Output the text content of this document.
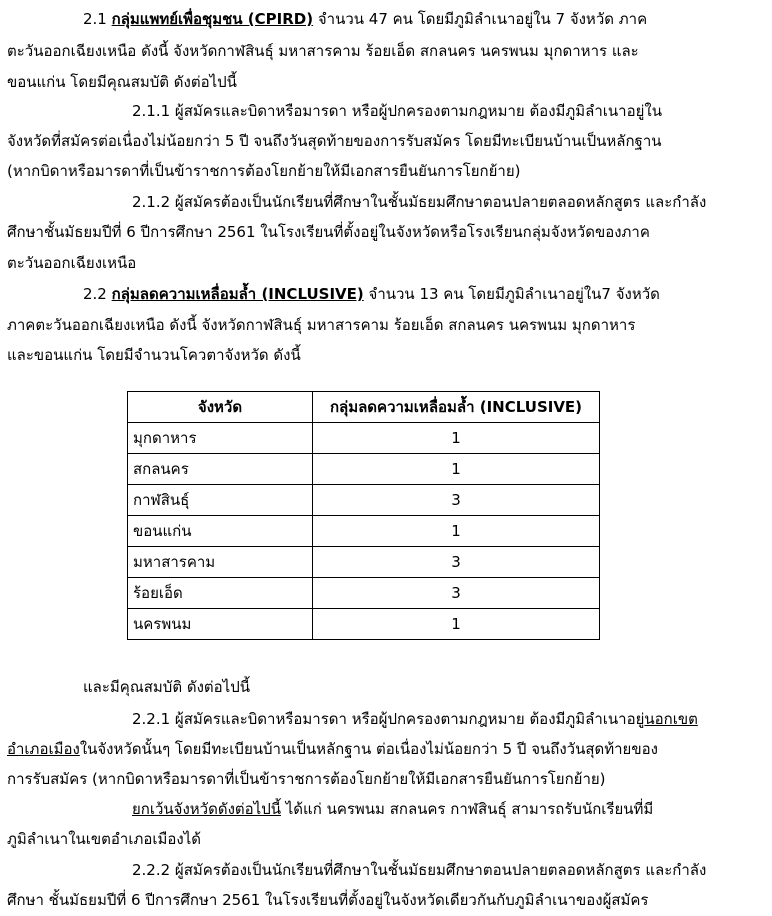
2.1 กลุ่มแพทย์เพื่อชุมชน (CPIRD) จำนวน 47 คน โดยมีภูมิลำเนาอยู่ใน 7 จังหวัด ภาค
ตะวันออกเฉียงเหนือ ดังนี้ จังหวัดกาฬสินธุ์ มหาสารคาม ร้อยเอ็ด สกลนคร นครพนม มุกดาหาร และ
ขอนแก่น โดยมีคุณสมบัติ ดังต่อไปนี้
2.1.1 ผู้สมัครและบิดาหรือมารดา หรือผู้ปกครองตามกฎหมาย ต้องมีภูมิลำเนาอยู่ใน
จังหวัดที่สมัครต่อเนื่องไม่น้อยกว่า 5 ปี จนถึงวันสุดท้ายของการรับสมัคร โดยมีทะเบียนบ้านเป็นหลักฐาน
(หากบิดาหรือมารดาที่เป็นข้าราชการต้องโยกย้ายให้มีเอกสารยืนยันการโยกย้าย)
2.1.2 ผู้สมัครต้องเป็นนักเรียนที่ศึกษาในชั้นมัธยมศึกษาตอนปลายตลอดหลักสูตร และกำลัง
ศึกษาชั้นมัธยมปีที่ 6 ปีการศึกษา 2561 ในโรงเรียนที่ตั้งอยู่ในจังหวัดหรือโรงเรียนกลุ่มจังหวัดของภาค
ตะวันออกเฉียงเหนือ
2.2 กลุ่มลดความเหลื่อมล้ำ (INCLUSIVE) จำนวน 13 คน โดยมีภูมิลำเนาอยู่ใน7 จังหวัด
ภาคตะวันออกเฉียงเหนือ ดังนี้ จังหวัดกาฬสินธุ์ มหาสารคาม ร้อยเอ็ด สกลนคร นครพนม มุกดาหาร
และขอนแก่น โดยมีจำนวนโควตาจังหวัด ดังนี้
จังหวัด	กลุ่มลดความเหลื่อมล้ำ (INCLUSIVE)
มุกดาหาร	1
สกลนคร	1
กาฬสินธุ์	3
ขอนแก่น	1
มหาสารคาม	3
ร้อยเอ็ด	3
นครพนม	1
และมีคุณสมบัติ ดังต่อไปนี้
2.2.1 ผู้สมัครและบิดาหรือมารดา หรือผู้ปกครองตามกฎหมาย ต้องมีภูมิลำเนาอยู่นอกเขต
อำเภอเมืองในจังหวัดนั้นๆ โดยมีทะเบียนบ้านเป็นหลักฐาน ต่อเนื่องไม่น้อยกว่า 5 ปี จนถึงวันสุดท้ายของ
การรับสมัคร (หากบิดาหรือมารดาที่เป็นข้าราชการต้องโยกย้ายให้มีเอกสารยืนยันการโยกย้าย)
ยกเว้นจังหวัดดังต่อไปนี้ ได้แก่ นครพนม สกลนคร กาฬสินธุ์ สามารถรับนักเรียนที่มี
ภูมิลำเนาในเขตอำเภอเมืองได้
2.2.2 ผู้สมัครต้องเป็นนักเรียนที่ศึกษาในชั้นมัธยมศึกษาตอนปลายตลอดหลักสูตร และกำลัง
ศึกษา ชั้นมัธยมปีที่ 6 ปีการศึกษา 2561 ในโรงเรียนที่ตั้งอยู่ในจังหวัดเดียวกันกับภูมิลำเนาของผู้สมัคร
